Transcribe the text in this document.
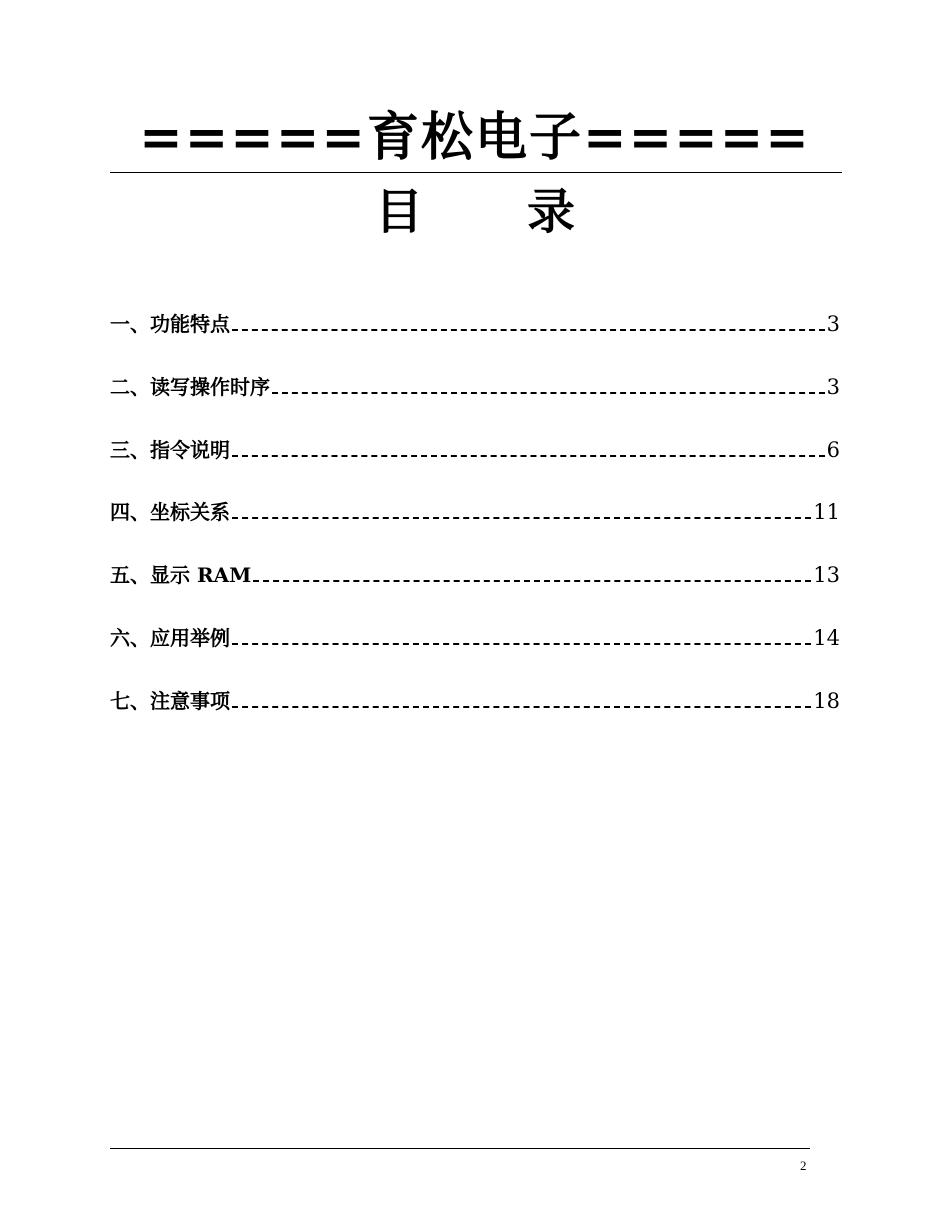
=====育松电子=====
目 录
一、功能特点	3
二、读写操作时序	3
三、指令说明	6
四、坐标关系	11
五、显示 RAM	13
六、应用举例	14
七、注意事项	18
2
